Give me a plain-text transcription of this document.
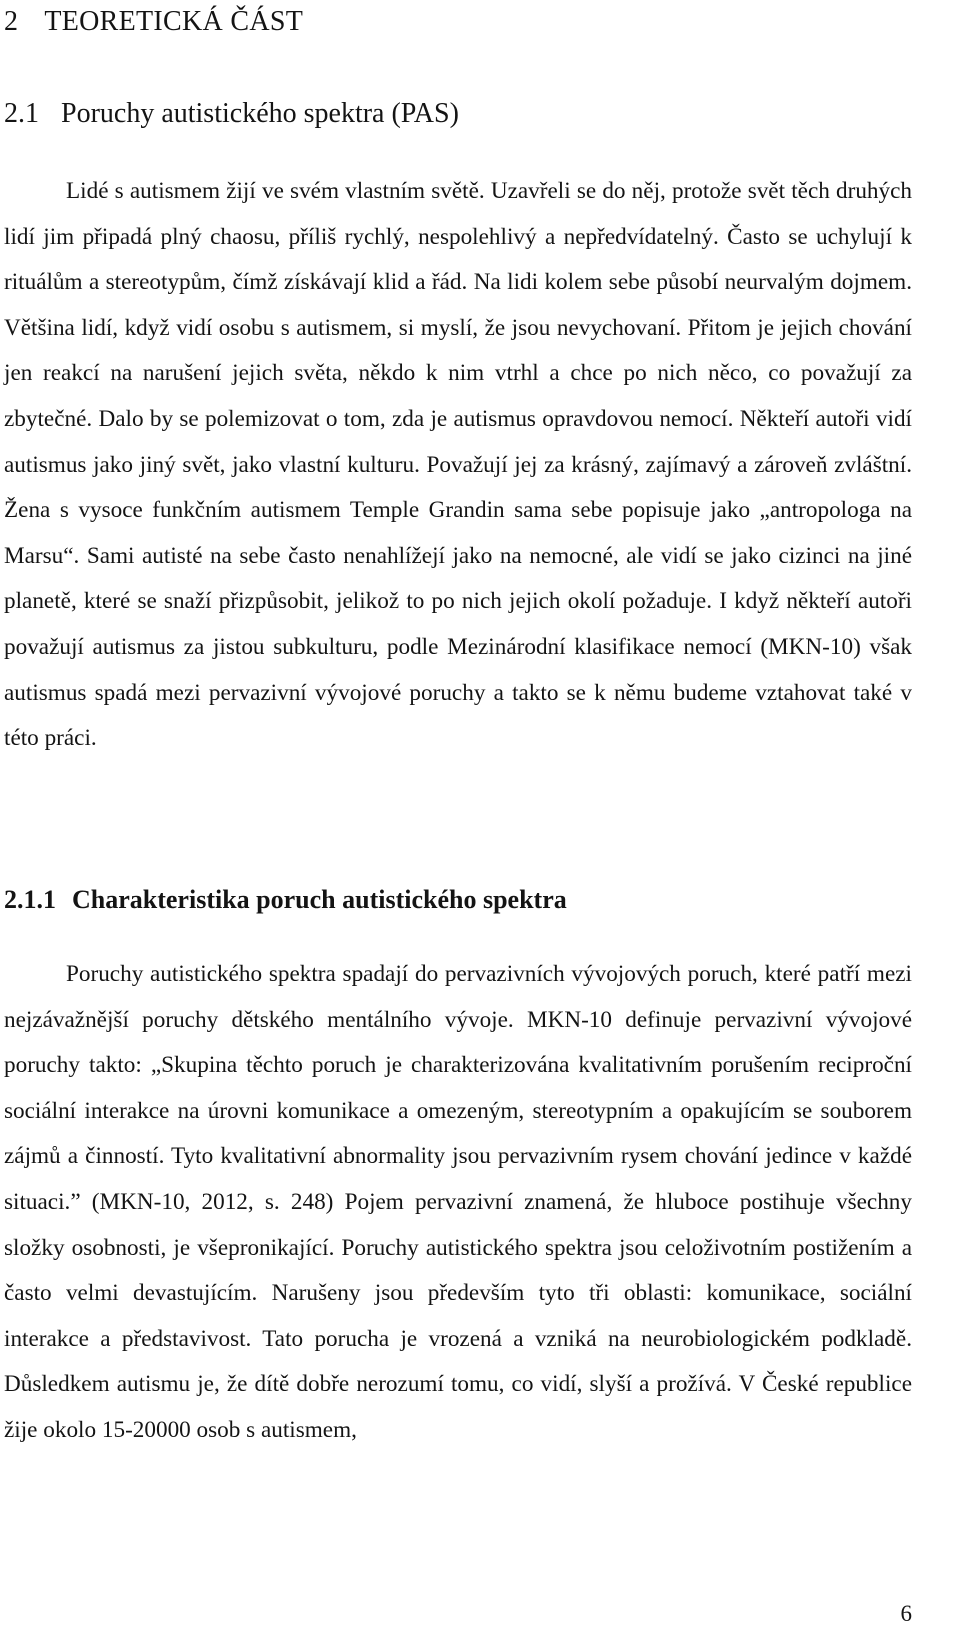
2 TEORETICKÁ ČÁST
2.1 Poruchy autistického spektra (PAS)

Lidé s autismem žijí ve svém vlastním světě. Uzavřeli se do něj, protože svět těch druhých lidí jim připadá plný chaosu, příliš rychlý, nespolehlivý a nepředvídatelný. Často se uchylují k rituálům a stereotypům, čímž získávají klid a řád. Na lidi kolem sebe působí neurvalým dojmem. Většina lidí, když vidí osobu s autismem, si myslí, že jsou nevychovaní. Přitom je jejich chování jen reakcí na narušení jejich světa, někdo k nim vtrhl a chce po nich něco, co považují za zbytečné. Dalo by se polemizovat o tom, zda je autismus opravdovou nemocí. Někteří autoři vidí autismus jako jiný svět, jako vlastní kulturu. Považují jej za krásný, zajímavý a zároveň zvláštní. Žena s vysoce funkčním autismem Temple Grandin sama sebe popisuje jako „antropologa na Marsu“. Sami autisté na sebe často nenahlížejí jako na nemocné, ale vidí se jako cizinci na jiné planetě, které se snaží přizpůsobit, jelikož to po nich jejich okolí požaduje. I když někteří autoři považují autismus za jistou subkulturu, podle Mezinárodní klasifikace nemocí (MKN-10) však autismus spadá mezi pervazivní vývojové poruchy a takto se k němu budeme vztahovat také v této práci.

2.1.1 Charakteristika poruch autistického spektra

Poruchy autistického spektra spadají do pervazivních vývojových poruch, které patří mezi nejzávažnější poruchy dětského mentálního vývoje. MKN-10 definuje pervazivní vývojové poruchy takto: „Skupina těchto poruch je charakterizována kvalitativním porušením reciproční sociální interakce na úrovni komunikace a omezeným, stereotypním a opakujícím se souborem zájmů a činností. Tyto kvalitativní abnormality jsou pervazivním rysem chování jedince v každé situaci.” (MKN-10, 2012, s. 248) Pojem pervazivní znamená, že hluboce postihuje všechny složky osobnosti, je všepronikající. Poruchy autistického spektra jsou celoživotním postižením a často velmi devastujícím. Narušeny jsou především tyto tři oblasti: komunikace, sociální interakce a představivost. Tato porucha je vrozená a vzniká na neurobiologickém podkladě. Důsledkem autismu je, že dítě dobře nerozumí tomu, co vidí, slyší a prožívá. V České republice žije okolo 15-20000 osob s autismem,

6
